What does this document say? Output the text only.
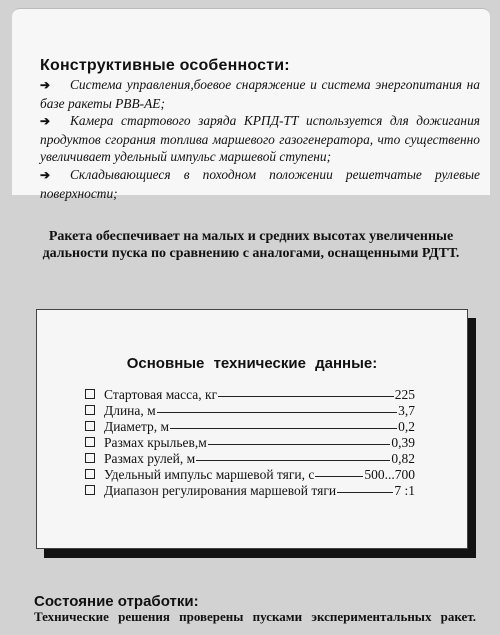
Конструктивные особенности:
➔ Система управления,боевое снаряжение и система энергопитания на базе ракеты РВВ-АЕ;
➔ Камера стартового заряда КРПД-ТТ используется для дожигания продуктов сгорания топлива маршевого газогенератора, что существенно увеличивает удельный импульс маршевой ступени;
➔ Складывающиеся в походном положении решетчатые рулевые поверхности;
Ракета обеспечивает на малых и средних высотах увеличенные дальности пуска по сравнению с аналогами, оснащенными РДТТ.
Основные технические данные:
Стартовая масса, кг	225
Длина, м	3,7
Диаметр, м	0,2
Размах крыльев,м	0,39
Размах рулей, м	0,82
Удельный импульс маршевой тяги, с	500...700
Диапазон регулирования маршевой тяги	7 :1
Состояние отработки:
Технические решения проверены пусками экспериментальных ракет.
